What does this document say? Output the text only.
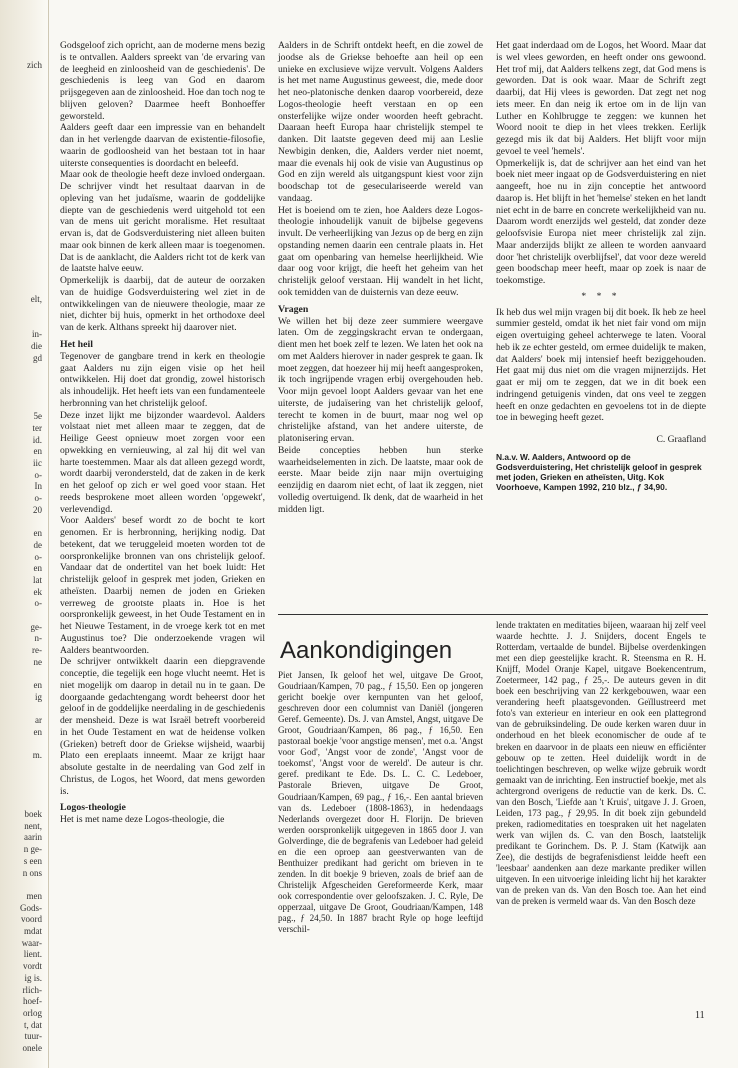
zich

elt,

in-
die
gd

5e
ter
id.
en
iic
o-
In
o-
20

en
de
o-
en
lat
ek
o-

ge-
n-
re-
ne

en
ig

ar
en

m.

boek
nent,
aarin
n ge-
s een
n ons

men
Gods-
voord
mdat
waar-
lient.
vordt
ig is.
rlich-
hoef-
orlog
t, dat
tuur-
onele

Godsgeloof zich opricht, aan de moderne mens bezig is te ontvallen. Aalders spreekt van 'de ervaring van de leegheid en zinloosheid van de geschiedenis'. De geschiedenis is leeg van God en daarom prijsgegeven aan de zinloosheid. Hoe dan toch nog te blijven geloven? Daarmee heeft Bonhoeffer geworsteld.

Aalders geeft daar een impressie van en behandelt dan in het verlengde daarvan de existentie-filosofie, waarin de godloosheid van het bestaan tot in haar uiterste consequenties is doordacht en beleefd.

Maar ook de theologie heeft deze invloed ondergaan. De schrijver vindt het resultaat daarvan in de opleving van het judaïsme, waarin de goddelijke diepte van de geschiedenis werd uitgehold tot een van de mens uit gericht moralisme. Het resultaat ervan is, dat de Godsverduistering niet alleen buiten maar ook binnen de kerk alleen maar is toegenomen. Dat is de aanklacht, die Aalders richt tot de kerk van de laatste halve eeuw.

Opmerkelijk is daarbij, dat de auteur de oorzaken van de huidige Godsverduistering wel ziet in de ontwikkelingen van de nieuwere theologie, maar ze niet, dichter bij huis, opmerkt in het orthodoxe deel van de kerk. Althans spreekt hij daarover niet.

Het heil

Tegenover de gangbare trend in kerk en theologie gaat Aalders nu zijn eigen visie op het heil ontwikkelen. Hij doet dat grondig, zowel historisch als inhoudelijk. Het heeft iets van een fundamenteele herbronning van het christelijk geloof.

Deze inzet lijkt me bijzonder waardevol. Aalders volstaat niet met alleen maar te zeggen, dat de Heilige Geest opnieuw moet zorgen voor een opwekking en vernieuwing, al zal hij dit wel van harte toestemmen. Maar als dat alleen gezegd wordt, wordt daarbij verondersteld, dat de zaken in de kerk en het geloof op zich er wel goed voor staan. Het reeds besprokene moet alleen worden 'opgewekt', verlevendigd.

Voor Aalders' besef wordt zo de bocht te kort genomen. Er is herbronning, herijking nodig. Dat betekent, dat we teruggeleid moeten worden tot de oorspronkelijke bronnen van ons christelijk geloof. Vandaar dat de ondertitel van het boek luidt: Het christelijk geloof in gesprek met joden, Grieken en atheïsten. Daarbij nemen de joden en Grieken verreweg de grootste plaats in. Hoe is het oorspronkelijk geweest, in het Oude Testament en in het Nieuwe Testament, in de vroege kerk tot en met Augustinus toe? Die onderzoekende vragen wil Aalders beantwoorden.

De schrijver ontwikkelt daarin een diepgravende conceptie, die tegelijk een hoge vlucht neemt. Het is niet mogelijk om daarop in detail nu in te gaan. De doorgaande gedachtengang wordt beheerst door het geloof in de goddelijke neerdaling in de geschiedenis der mensheid. Deze is wat Israël betreft voorbereid in het Oude Testament en wat de heidense volken (Grieken) betreft door de Griekse wijsheid, waarbij Plato een ereplaats inneemt. Maar ze krijgt haar absolute gestalte in de neerdaling van God zelf in Christus, de Logos, het Woord, dat mens geworden is.

Logos-theologie

Het is met name deze Logos-theologie, die

Aalders in de Schrift ontdekt heeft, en die zowel de joodse als de Griekse behoefte aan heil op een unieke en exclusieve wijze vervult. Volgens Aalders is het met name Augustinus geweest, die, mede door het neo-platonische denken daarop voorbereid, deze Logos-theologie heeft verstaan en op een onsterfelijke wijze onder woorden heeft gebracht. Daaraan heeft Europa haar christelijk stempel te danken. Dit laatste gegeven deed mij aan Leslie Newbigin denken, die, Aalders verder niet noemt, maar die evenals hij ook de visie van Augustinus op God en zijn wereld als uitgangspunt kiest voor zijn boodschap tot de geseculariseerde wereld van vandaag.

Het is boeiend om te zien, hoe Aalders deze Logos-theologie inhoudelijk vanuit de bijbelse gegevens invult. De verheerlijking van Jezus op de berg en zijn opstanding nemen daarin een centrale plaats in. Het gaat om openbaring van hemelse heerlijkheid. Wie daar oog voor krijgt, die heeft het geheim van het christelijk geloof verstaan. Hij wandelt in het licht, ook temidden van de duisternis van deze eeuw.

Vragen

We willen het bij deze zeer summiere weergave laten. Om de zeggingskracht ervan te ondergaan, dient men het boek zelf te lezen. We laten het ook na om met Aalders hierover in nader gesprek te gaan. Ik moet zeggen, dat hoezeer hij mij heeft aangesproken, ik toch ingrijpende vragen erbij overgehouden heb. Voor mijn gevoel loopt Aalders gevaar van het ene uiterste, de judaïsering van het christelijk geloof, terecht te komen in de buurt, maar nog wel op christelijke afstand, van het andere uiterste, de platonisering ervan.

Beide concepties hebben hun sterke waarheidselementen in zich. De laatste, maar ook de eerste. Maar beide zijn naar mijn overtuiging eenzijdig en daarom niet echt, of laat ik zeggen, niet volledig overtuigend. Ik denk, dat de waarheid in het midden ligt.

Het gaat inderdaad om de Logos, het Woord. Maar dat is wel vlees geworden, en heeft onder ons gewoond. Het trof mij, dat Aalders telkens zegt, dat God mens is geworden. Dat is ook waar. Maar de Schrift zegt daarbij, dat Hij vlees is geworden. Dat zegt net nog iets meer. En dan neig ik ertoe om in de lijn van Luther en Kohlbrugge te zeggen: we kunnen het Woord nooit te diep in het vlees trekken. Eerlijk gezegd mis ik dat bij Aalders. Het blijft voor mijn gevoel te veel 'hemels'.

Opmerkelijk is, dat de schrijver aan het eind van het boek niet meer ingaat op de Godsverduistering en niet aangeeft, hoe nu in zijn conceptie het antwoord daarop is. Het blijft in het 'hemelse' steken en het landt niet echt in de barre en concrete werkelijkheid van nu. Daarom wordt enerzijds wel gesteld, dat zonder deze geloofsvisie Europa niet meer christelijk zal zijn. Maar anderzijds blijkt ze alleen te worden aanvaard door 'het christelijk overblijfsel', dat voor deze wereld geen boodschap meer heeft, maar op zoek is naar de toekomstige.

* * *

Ik heb dus wel mijn vragen bij dit boek. Ik heb ze heel summier gesteld, omdat ik het niet fair vond om mijn eigen overtuiging geheel achterwege te laten. Vooral heb ik ze echter gesteld, om ermee duidelijk te maken, dat Aalders' boek mij intensief heeft beziggehouden. Het gaat mij dus niet om die vragen mijnerzijds. Het gaat er mij om te zeggen, dat we in dit boek een indringend getuigenis vinden, dat ons veel te zeggen heeft en onze gedachten en gevoelens tot in de diepte toe in beweging heeft gezet.

C. Graafland
N.a.v. W. Aalders, Antwoord op de Godsverduistering, Het christelijk geloof in gesprek met joden, Grieken en atheïsten, Uitg. Kok Voorhoeve, Kampen 1992, 210 blz., ƒ 34,90.
Aankondigingen

Piet Jansen, Ik geloof het wel, uitgave De Groot, Goudriaan/Kampen, 70 pag., ƒ 15,50. Een op jongeren gericht boekje over kernpunten van het geloof, geschreven door een columnist van Daniël (jongeren Geref. Gemeente). Ds. J. van Amstel, Angst, uitgave De Groot, Goudriaan/Kampen, 86 pag., ƒ 16,50. Een pastoraal boekje 'voor angstige mensen', met o.a. 'Angst voor God', 'Angst voor de zonde', 'Angst voor de toekomst', 'Angst voor de wereld'. De auteur is chr. geref. predikant te Ede. Ds. L. C. C. Ledeboer, Pastorale Brieven, uitgave De Groot, Goudriaan/Kampen, 69 pag., ƒ 16,-. Een aantal brieven van ds. Ledeboer (1808-1863), in hedendaags Nederlands overgezet door H. Florijn. De brieven werden oorspronkelijk uitgegeven in 1865 door J. van Golverdinge, die de begrafenis van Ledeboer had geleid en die een oproep aan geestverwanten van de Benthuizer predikant had gericht om brieven in te zenden. In dit boekje 9 brieven, zoals de brief aan de Christelijk Afgescheiden Gereformeerde Kerk, maar ook correspondentie over geloofszaken. J. C. Ryle, De opperzaal, uitgave De Groot, Goudriaan/Kampen, 148 pag., ƒ 24,50. In 1887 bracht Ryle op hoge leeftijd verschil-

lende traktaten en meditaties bijeen, waaraan hij zelf veel waarde hechtte. J. J. Snijders, docent Engels te Rotterdam, vertaalde de bundel. Bijbelse overdenkingen met een diep geestelijke kracht. R. Steensma en R. H. Knijff, Model Oranje Kapel, uitgave Boekencentrum, Zoetermeer, 142 pag., ƒ 25,-. De auteurs geven in dit boek een beschrijving van 22 kerkgebouwen, waar een verandering heeft plaatsgevonden. Geïllustreerd met foto's van exterieur en interieur en ook een plattegrond van de gebruiksindeling. De oude kerken waren duur in onderhoud en het bleek economischer de oude af te breken en daarvoor in de plaats een nieuw en efficiënter gebouw op te zetten. Heel duidelijk wordt in de toelichtingen beschreven, op welke wijze gebruik wordt gemaakt van de inrichting. Een instructief boekje, met als achtergrond overigens de reductie van de kerk. Ds. C. van den Bosch, 'Liefde aan 't Kruis', uitgave J. J. Groen, Leiden, 173 pag., ƒ 29,95. In dit boek zijn gebundeld preken, radiomeditaties en toespraken uit het nagelaten werk van wijlen ds. C. van den Bosch, laatstelijk predikant te Gorinchem. Ds. P. J. Stam (Katwijk aan Zee), die destijds de begrafenisdienst leidde heeft een 'leesbaar' aandenken aan deze markante prediker willen uitgeven. In een uitvoerige inleiding licht hij het karakter van de preken van ds. Van den Bosch toe. Aan het eind van de preken is vermeld waar ds. Van den Bosch deze

11
